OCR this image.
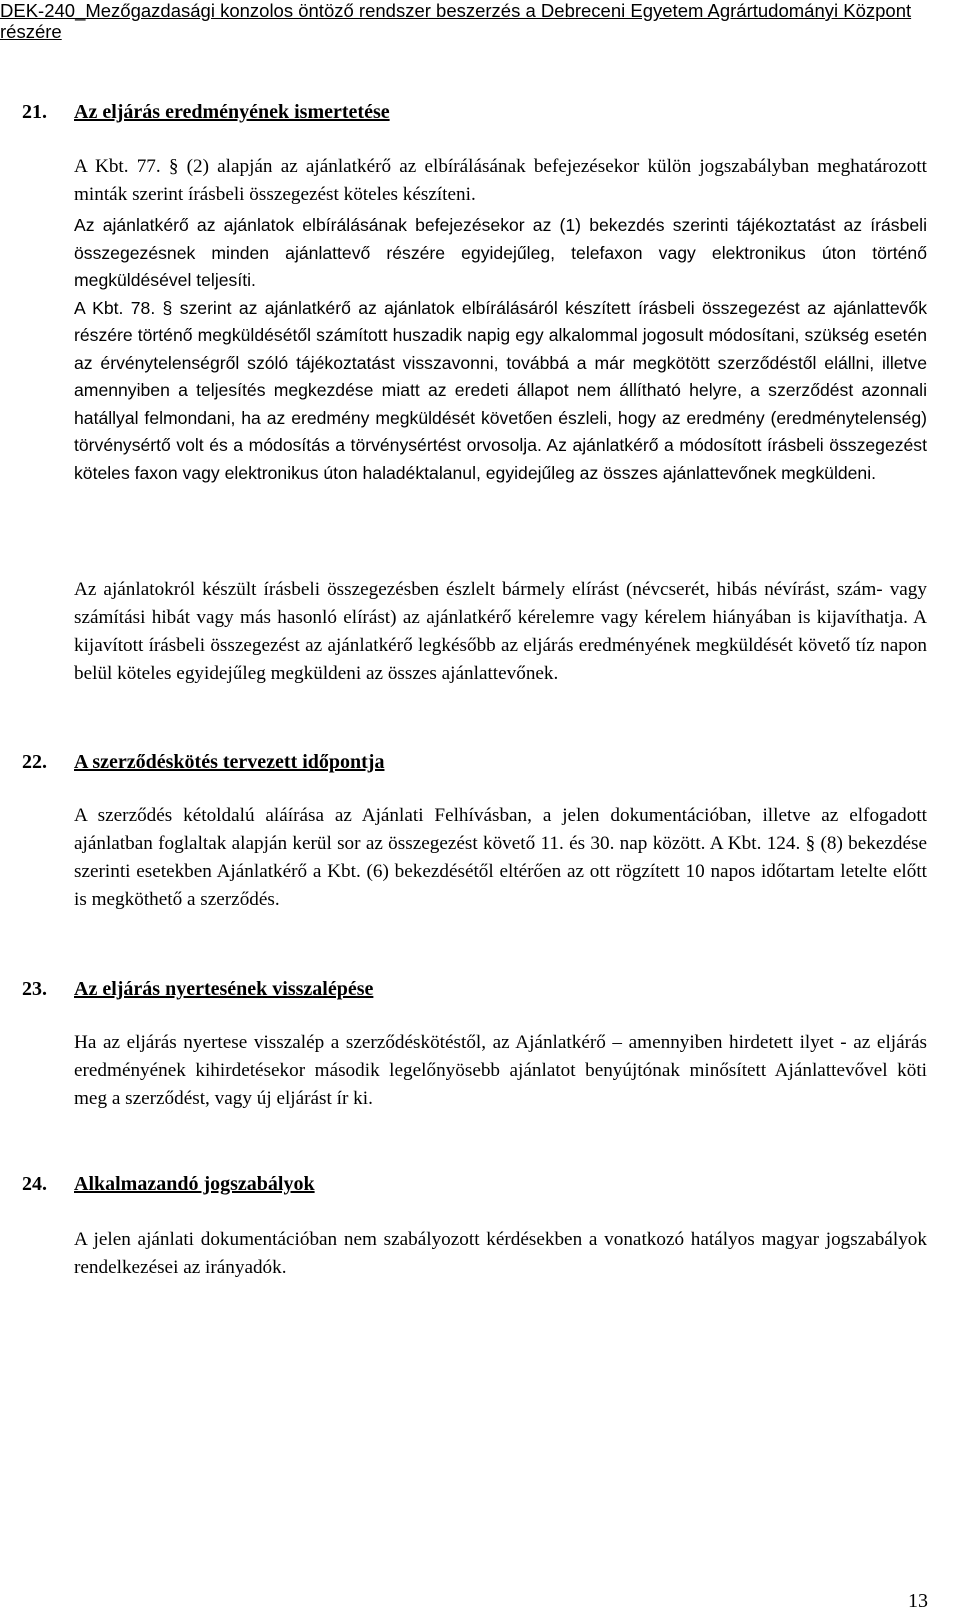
DEK-240_Mezőgazdasági konzolos öntöző rendszer beszerzés a Debreceni Egyetem Agrártudományi Központ
részére
21. Az eljárás eredményének ismertetése

A Kbt. 77. § (2) alapján az ajánlatkérő az elbírálásának befejezésekor külön jogszabályban meghatározott minták szerint írásbeli összegezést köteles készíteni.

Az ajánlatkérő az ajánlatok elbírálásának befejezésekor az (1) bekezdés szerinti tájékoztatást az írásbeli összegezésnek minden ajánlattevő részére egyidejűleg, telefaxon vagy elektronikus úton történő megküldésével teljesíti.

A Kbt. 78. § szerint az ajánlatkérő az ajánlatok elbírálásáról készített írásbeli összegezést az ajánlattevők részére történő megküldésétől számított huszadik napig egy alkalommal jogosult módosítani, szükség esetén az érvénytelenségről szóló tájékoztatást visszavonni, továbbá a már megkötött szerződéstől elállni, illetve amennyiben a teljesítés megkezdése miatt az eredeti állapot nem állítható helyre, a szerződést azonnali hatállyal felmondani, ha az eredmény megküldését követően észleli, hogy az eredmény (eredménytelenség) törvénysértő volt és a módosítás a törvénysértést orvosolja. Az ajánlatkérő a módosított írásbeli összegezést köteles faxon vagy elektronikus úton haladéktalanul, egyidejűleg az összes ajánlattevőnek megküldeni.

Az ajánlatokról készült írásbeli összegezésben észlelt bármely elírást (névcserét, hibás névírást, szám- vagy számítási hibát vagy más hasonló elírást) az ajánlatkérő kérelemre vagy kérelem hiányában is kijavíthatja. A kijavított írásbeli összegezést az ajánlatkérő legkésőbb az eljárás eredményének megküldését követő tíz napon belül köteles egyidejűleg megküldeni az összes ajánlattevőnek.

22. A szerződéskötés tervezett időpontja

A szerződés kétoldalú aláírása az Ajánlati Felhívásban, a jelen dokumentációban, illetve az elfogadott ajánlatban foglaltak alapján kerül sor az összegezést követő 11. és 30. nap között. A Kbt. 124. § (8) bekezdése szerinti esetekben Ajánlatkérő a Kbt. (6) bekezdésétől eltérően az ott rögzített 10 napos időtartam letelte előtt is megköthető a szerződés.

23. Az eljárás nyertesének visszalépése

Ha az eljárás nyertese visszalép a szerződéskötéstől, az Ajánlatkérő – amennyiben hirdetett ilyet - az eljárás eredményének kihirdetésekor második legelőnyösebb ajánlatot benyújtónak minősített Ajánlattevővel köti meg a szerződést, vagy új eljárást ír ki.

24. Alkalmazandó jogszabályok

A jelen ajánlati dokumentációban nem szabályozott kérdésekben a vonatkozó hatályos magyar jogszabályok rendelkezései az irányadók.

13
